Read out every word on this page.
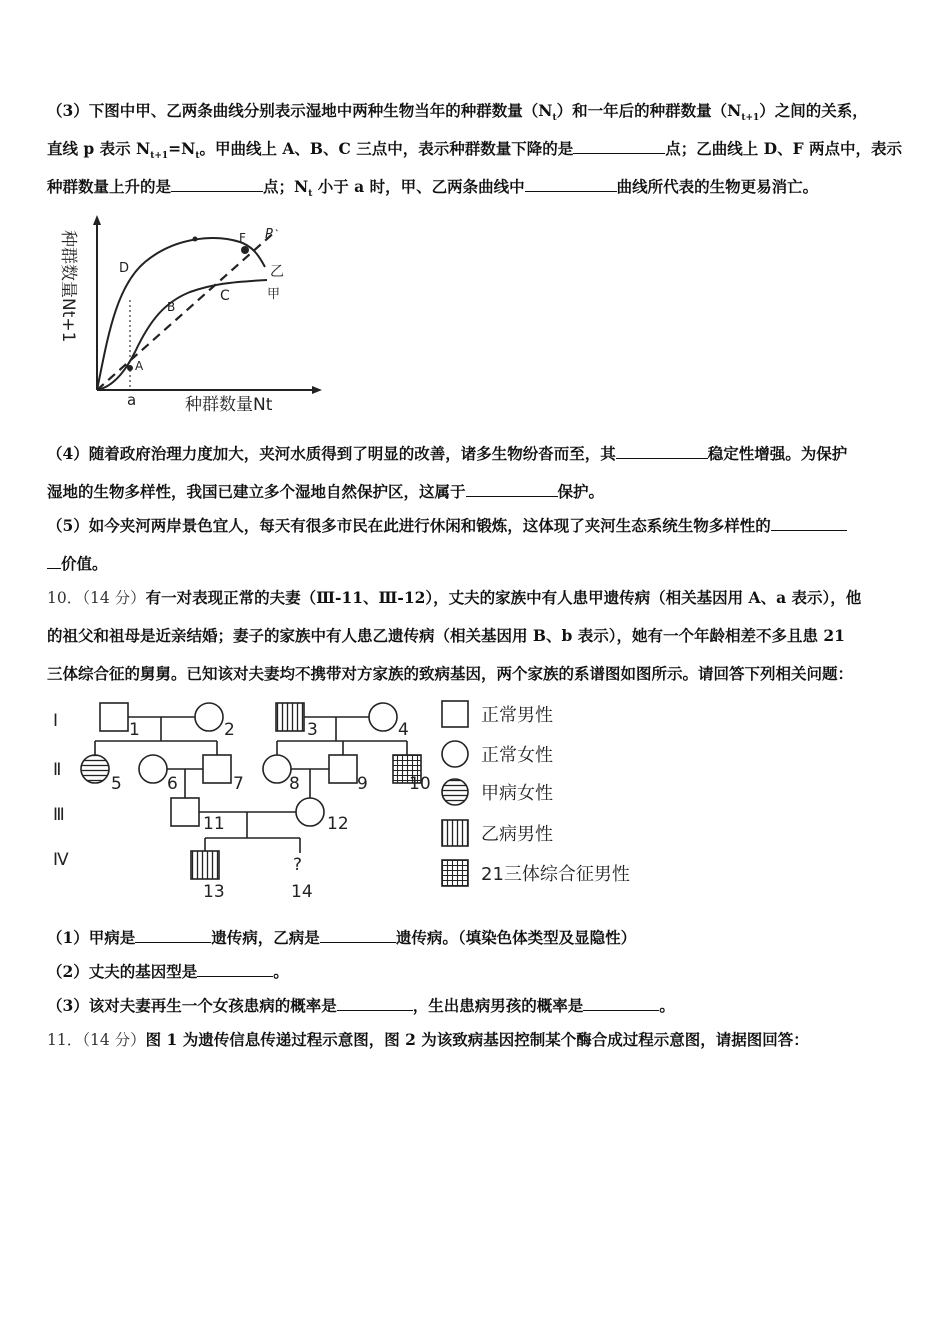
（3）下图中甲、乙两条曲线分别表示湿地中两种生物当年的种群数量$(N_t)$和一年后的种群数量$(N_{t+1})$之间的关系，
直线 p 表示 $N_{t+1}=N_t$。甲曲线上 A、B、C 三点中，表示种群数量下降的是	点；乙曲线上 D、F 两点中，表示
种群数量上升的是	点；$N_t$ 小于 a 时，甲、乙两条曲线中	曲线所代表的生物更易消亡。
种群数量Nt+1
种群数量Nt
a
A
B
C
D
F P
乙
甲
（4）随着政府治理力度加大，夹河水质得到了明显的改善，诸多生物纷沓而至，其	稳定性增强。为保护
湿地的生物多样性，我国已建立多个湿地自然保护区，这属于	保护。
（5）如今夹河两岸景色宜人，每天有很多市民在此进行休闲和锻炼，这体现了夹河生态系统生物多样性的
价值。
10．（14 分）有一对表现正常的夫妻（Ⅲ-11、Ⅲ-12），丈夫的家族中有人患甲遗传病（相关基因用 A、a 表示），他
的祖父和祖母是近亲结婚；妻子的家族中有人患乙遗传病（相关基因用 B、b 表示），她有一个年龄相差不多且患 21
三体综合征的舅舅。已知该对夫妻均不携带对方家族的致病基因，两个家族的系谱图如图所示。请回答下列相关问题：
Ⅰ
Ⅱ
Ⅲ
Ⅳ
1	2	3	4
5	6	7	8	9 10
11	12
13
?
14
正常男性
正常女性
甲病女性
乙病男性
21三体综合征男性
（1）甲病是	遗传病，乙病是	遗传病。（填染色体类型及显隐性）
（2）丈夫的基因型是	。
（3）该对夫妻再生一个女孩患病的概率是	，生出患病男孩的概率是	。
11．（14 分）图 1 为遗传信息传递过程示意图，图 2 为该致病基因控制某个酶合成过程示意图，请据图回答：
